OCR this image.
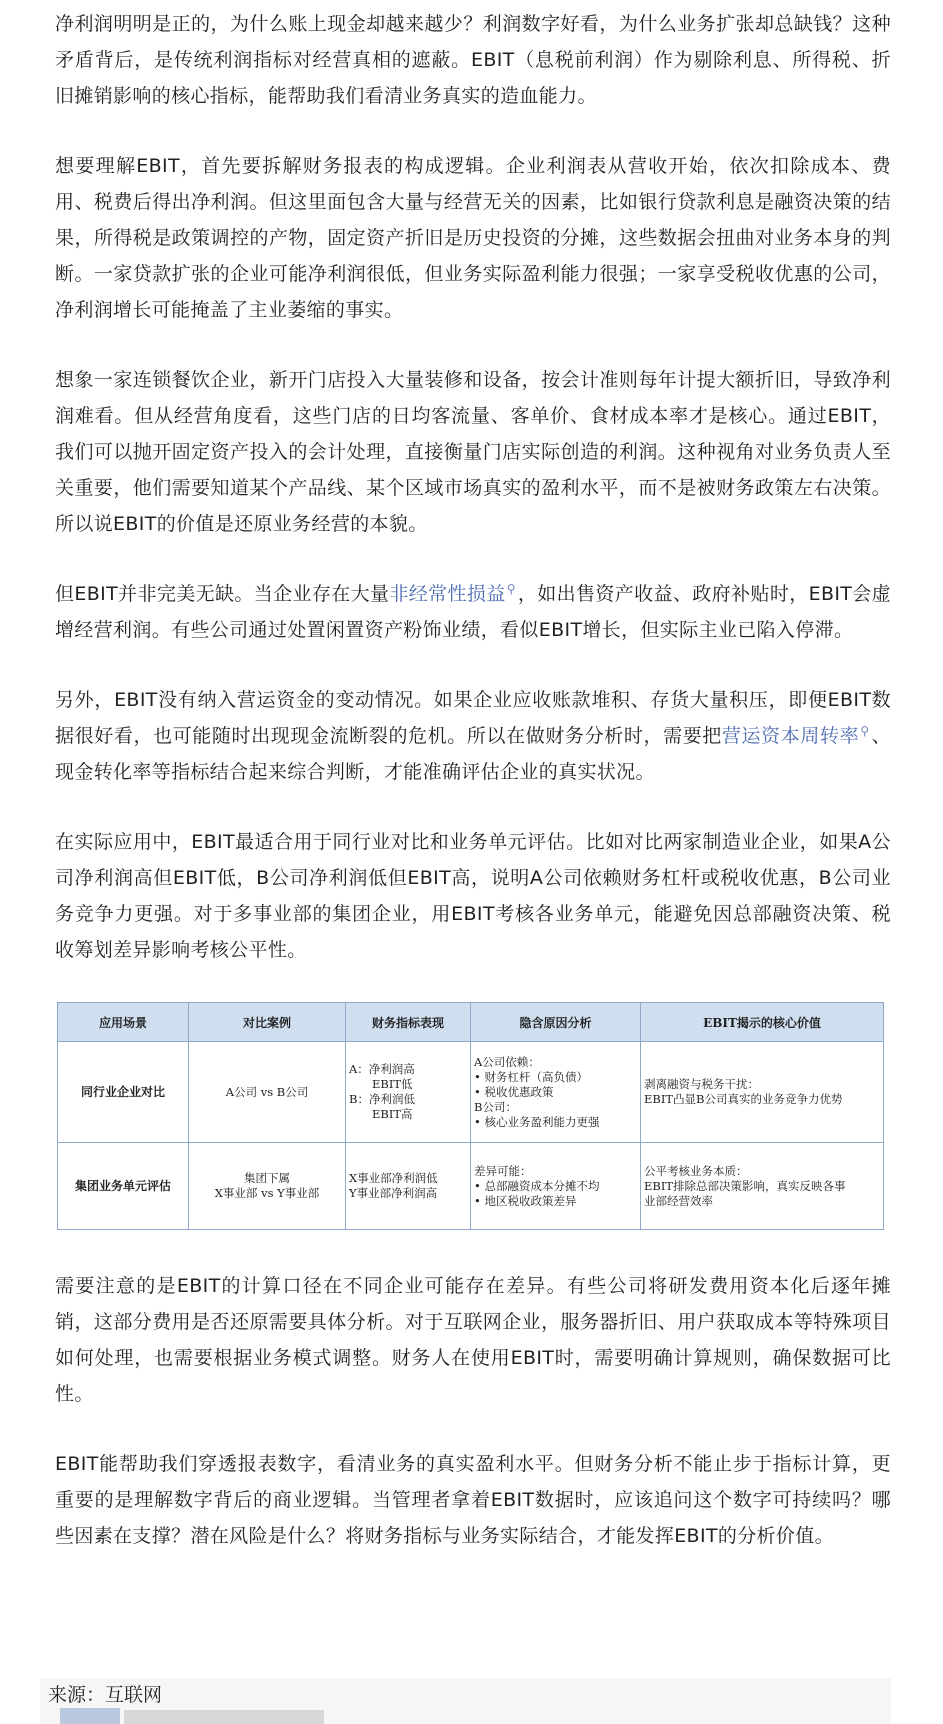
净利润明明是正的，为什么账上现金却越来越少？利润数字好看，为什么业务扩张却总缺钱？这种矛盾背后，是传统利润指标对经营真相的遮蔽。EBIT（息税前利润）作为剔除利息、所得税、折旧摊销影响的核心指标，能帮助我们看清业务真实的造血能力。

想要理解EBIT，首先要拆解财务报表的构成逻辑。企业利润表从营收开始，依次扣除成本、费用、税费后得出净利润。但这里面包含大量与经营无关的因素，比如银行贷款利息是融资决策的结果，所得税是政策调控的产物，固定资产折旧是历史投资的分摊，这些数据会扭曲对业务本身的判断。一家贷款扩张的企业可能净利润很低，但业务实际盈利能力很强；一家享受税收优惠的公司，净利润增长可能掩盖了主业萎缩的事实。

想象一家连锁餐饮企业，新开门店投入大量装修和设备，按会计准则每年计提大额折旧，导致净利润难看。但从经营角度看，这些门店的日均客流量、客单价、食材成本率才是核心。通过EBIT，我们可以抛开固定资产投入的会计处理，直接衡量门店实际创造的利润。这种视角对业务负责人至关重要，他们需要知道某个产品线、某个区域市场真实的盈利水平，而不是被财务政策左右决策。所以说EBIT的价值是还原业务经营的本貌。

但EBIT并非完美无缺。当企业存在大量非经常性损益⚲ ，如出售资产收益、政府补贴时，EBIT会虚增经营利润。有些公司通过处置闲置资产粉饰业绩，看似EBIT增长，但实际主业已陷入停滞。

另外，EBIT没有纳入营运资金的变动情况。如果企业应收账款堆积、存货大量积压，即便EBIT数据很好看，也可能随时出现现金流断裂的危机。所以在做财务分析时，需要把营运资本周转率⚲ 、现金转化率等指标结合起来综合判断，才能准确评估企业的真实状况。

在实际应用中，EBIT最适合用于同行业对比和业务单元评估。比如对比两家制造业企业，如果A公司净利润高但EBIT低，B公司净利润低但EBIT高，说明A公司依赖财务杠杆或税收优惠，B公司业务竞争力更强。对于多事业部的集团企业，用EBIT考核各业务单元，能避免因总部融资决策、税收筹划差异影响考核公平性。

应用场景	对比案例	财务指标表现	隐含原因分析	EBIT揭示的核心价值
同行业企业对比	A公司 vs B公司	A：净利润高
　　EBIT低
B：净利润低
　　EBIT高	A公司依赖：
• 财务杠杆（高负债）
• 税收优惠政策
B公司：
• 核心业务盈利能力更强	剥离融资与税务干扰：
EBIT凸显B公司真实的业务竞争力优势

集团业务单元评估	集团下属
X事业部 vs Y事业部	X事业部净利润低
Y事业部净利润高	差异可能：
• 总部融资成本分摊不均
• 地区税收政策差异	公平考核业务本质：
EBIT排除总部决策影响，真实反映各事
业部经营效率

需要注意的是EBIT的计算口径在不同企业可能存在差异。有些公司将研发费用资本化后逐年摊销，这部分费用是否还原需要具体分析。对于互联网企业，服务器折旧、用户获取成本等特殊项目如何处理，也需要根据业务模式调整。财务人在使用EBIT时，需要明确计算规则，确保数据可比性。

EBIT能帮助我们穿透报表数字，看清业务的真实盈利水平。但财务分析不能止步于指标计算，更重要的是理解数字背后的商业逻辑。当管理者拿着EBIT数据时，应该追问这个数字可持续吗？哪些因素在支撑？潜在风险是什么？将财务指标与业务实际结合，才能发挥EBIT的分析价值。

来源：互联网
